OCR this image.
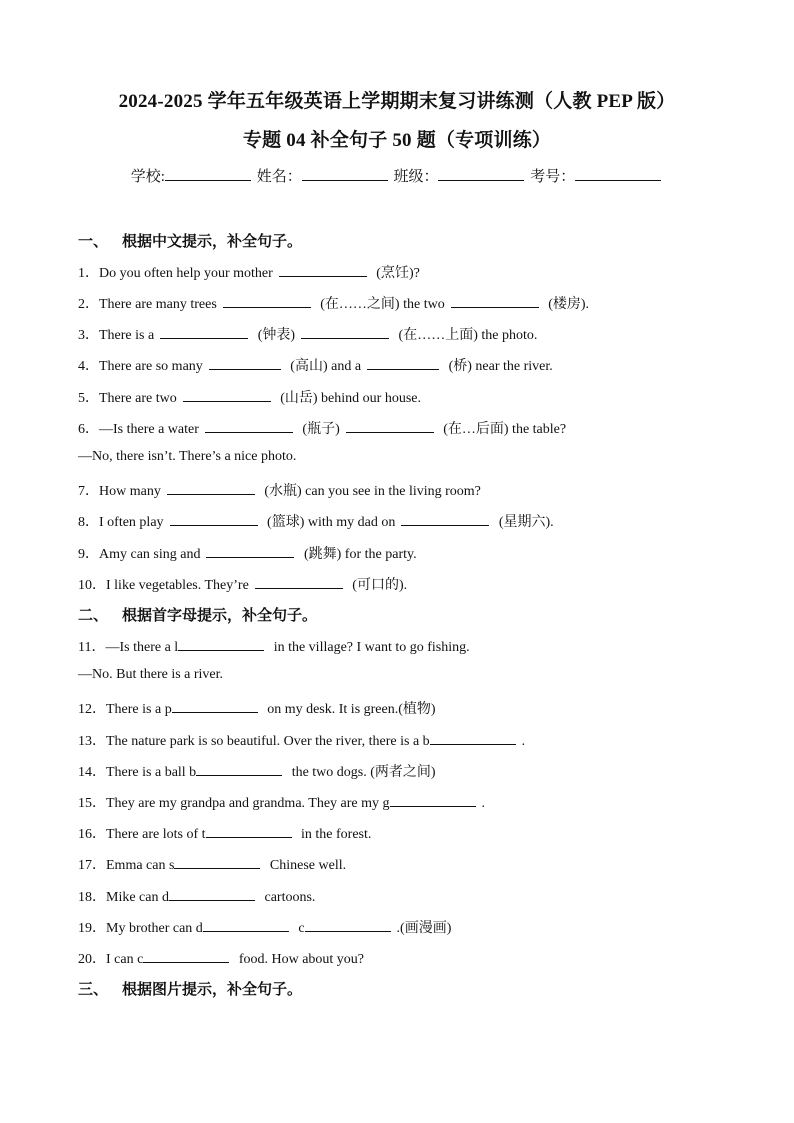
2024-2025 学年五年级英语上学期期末复习讲练测（人教 PEP 版）
专题 04 补全句子 50 题（专项训练）
学校:	姓名：	班级：	考号：
一、 根据中文提示，补全句子。
1．Do you often help your mother	(烹饪)?
2．There are many trees	(在……之间) the two	(楼房).
3．There is a	(钟表)	(在……上面) the photo.
4．There are so many	(高山) and a	(桥) near the river.
5．There are two	(山岳) behind our house.
6．—Is there a water	(瓶子)	(在…后面) the table?
—No, there isn’t. There’s a nice photo.
7．How many	(水瓶) can you see in the living room?
8．I often play	(篮球) with my dad on	(星期六).
9．Amy can sing and	(跳舞) for the party.
10．I like vegetables. They’re	(可口的).
二、 根据首字母提示，补全句子。
11．—Is there a l	in the village? I want to go fishing.
—No. But there is a river.
12．There is a p	on my desk. It is green.(植物)
13．The nature park is so beautiful. Over the river, there is a b	.
14．There is a ball b	the two dogs. (两者之间)
15．They are my grandpa and grandma. They are my g	.
16．There are lots of t	in the forest.
17．Emma can s	Chinese well.
18．Mike can d	cartoons.
19．My brother can d	c	.(画漫画)
20．I can c	food. How about you?
三、 根据图片提示，补全句子。
